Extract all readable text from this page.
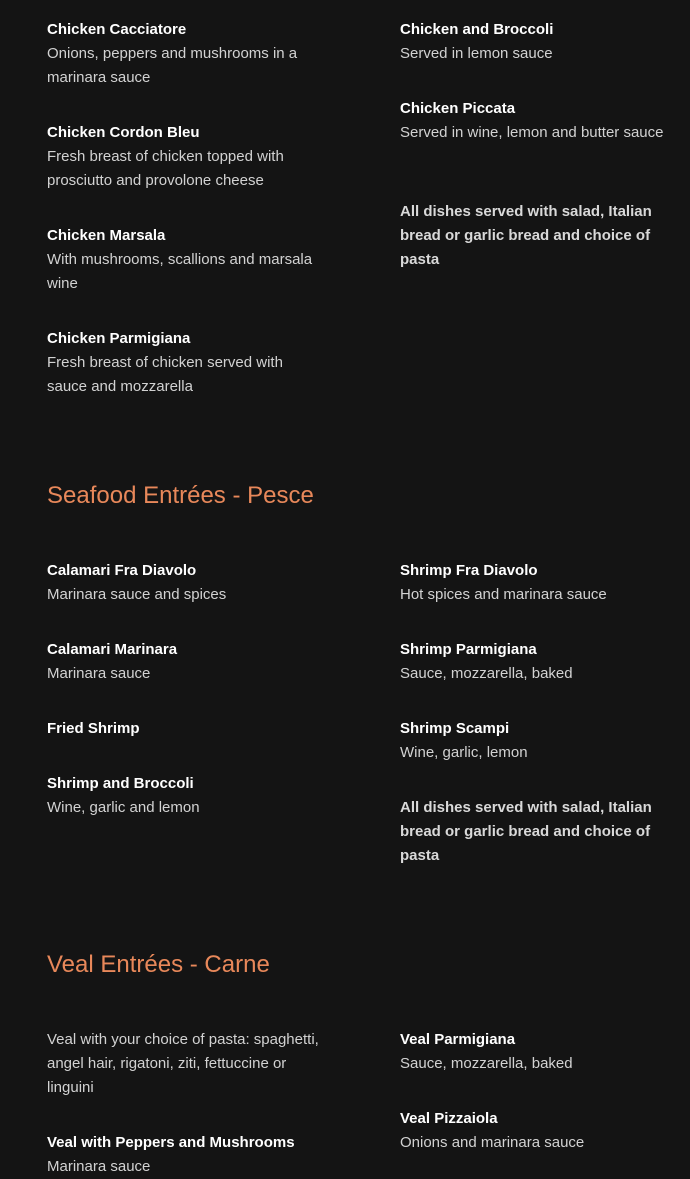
Chicken Cacciatore
Onions, peppers and mushrooms in a marinara sauce
Chicken Cordon Bleu
Fresh breast of chicken topped with prosciutto and provolone cheese
Chicken Marsala
With mushrooms, scallions and marsala wine
Chicken Parmigiana
Fresh breast of chicken served with sauce and mozzarella
Chicken and Broccoli
Served in lemon sauce
Chicken Piccata
Served in wine, lemon and butter sauce
All dishes served with salad, Italian bread or garlic bread and choice of pasta
Seafood Entrées - Pesce
Calamari Fra Diavolo
Marinara sauce and spices
Calamari Marinara
Marinara sauce
Fried Shrimp
Shrimp and Broccoli
Wine, garlic and lemon
Shrimp Fra Diavolo
Hot spices and marinara sauce
Shrimp Parmigiana
Sauce, mozzarella, baked
Shrimp Scampi
Wine, garlic, lemon
All dishes served with salad, Italian bread or garlic bread and choice of pasta
Veal Entrées - Carne
Veal with your choice of pasta: spaghetti, angel hair, rigatoni, ziti, fettuccine or linguini
Veal with Peppers and Mushrooms
Marinara sauce
Veal Parmigiana
Sauce, mozzarella, baked
Veal Pizzaiola
Onions and marinara sauce
